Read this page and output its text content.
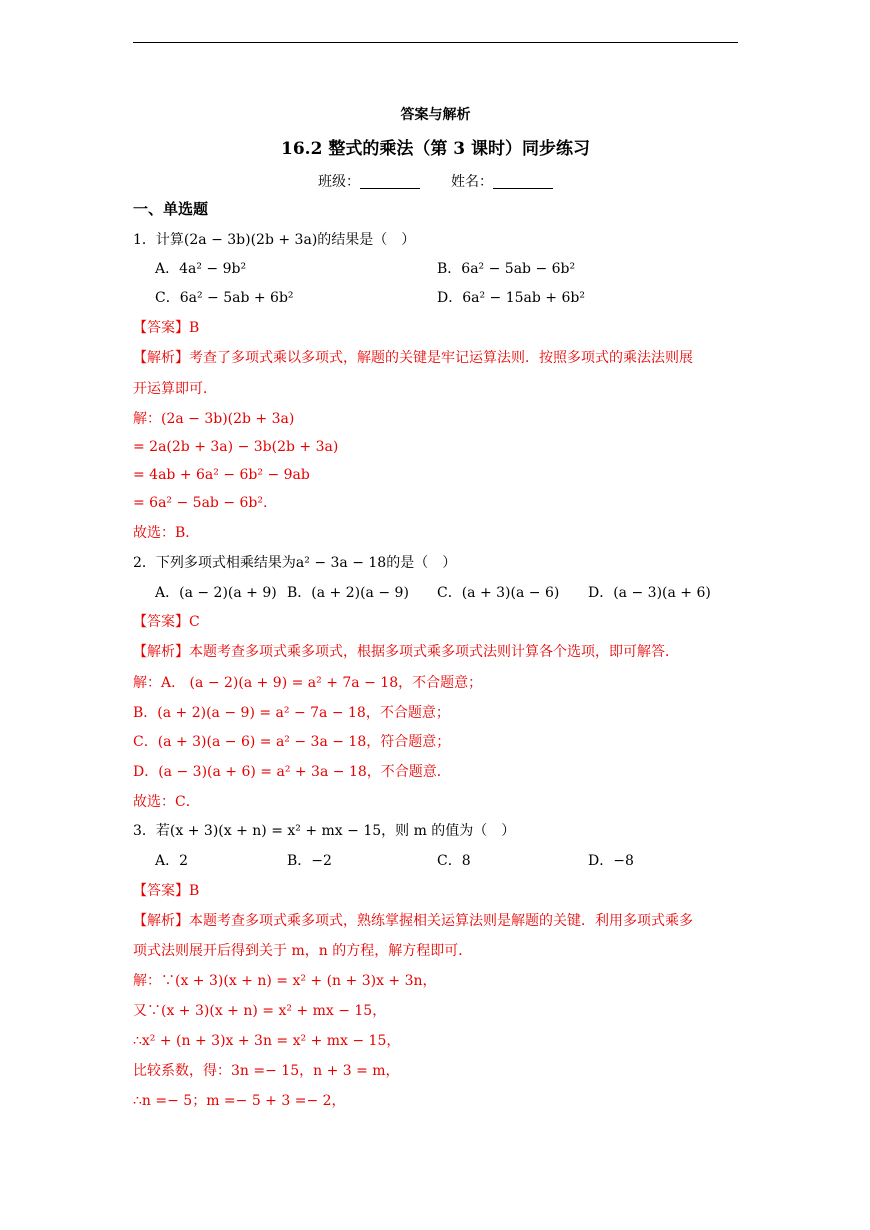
答案与解析
16.2 整式的乘法（第 3 课时）同步练习
班级：	姓名：
一、单选题
1．计算(2a − 3b)(2b + 3a)的结果是（　）
A．4a² − 9b²	B．6a² − 5ab − 6b²
C．6a² − 5ab + 6b²	D．6a² − 15ab + 6b²
【答案】B
【解析】考查了多项式乘以多项式，解题的关键是牢记运算法则．按照多项式的乘法法则展
开运算即可．
解：(2a − 3b)(2b + 3a)
= 2a(2b + 3a) − 3b(2b + 3a)
= 4ab + 6a² − 6b² − 9ab
= 6a² − 5ab − 6b².
故选：B．
2．下列多项式相乘结果为a² − 3a − 18的是（　）
A．(a − 2)(a + 9) B．(a + 2)(a − 9) C．(a + 3)(a − 6) D．(a − 3)(a + 6)
【答案】C
【解析】本题考查多项式乘多项式，根据多项式乘多项式法则计算各个选项，即可解答．
解：A． (a − 2)(a + 9) = a² + 7a − 18，不合题意；
B．(a + 2)(a − 9) = a² − 7a − 18，不合题意；
C．(a + 3)(a − 6) = a² − 3a − 18，符合题意；
D．(a − 3)(a + 6) = a² + 3a − 18，不合题意．
故选：C．
3．若(x + 3)(x + n) = x² + mx − 15，则 m 的值为（　）
A．2	B．−2	C．8	D．−8
【答案】B
【解析】本题考查多项式乘多项式，熟练掌握相关运算法则是解题的关键．利用多项式乘多
项式法则展开后得到关于 m，n 的方程，解方程即可．
解：∵(x + 3)(x + n) = x² + (n + 3)x + 3n，
又∵(x + 3)(x + n) = x² + mx − 15，
∴x² + (n + 3)x + 3n = x² + mx − 15，
比较系数，得：3n =− 15，n + 3 = m，
∴n =− 5；m =− 5 + 3 =− 2，
